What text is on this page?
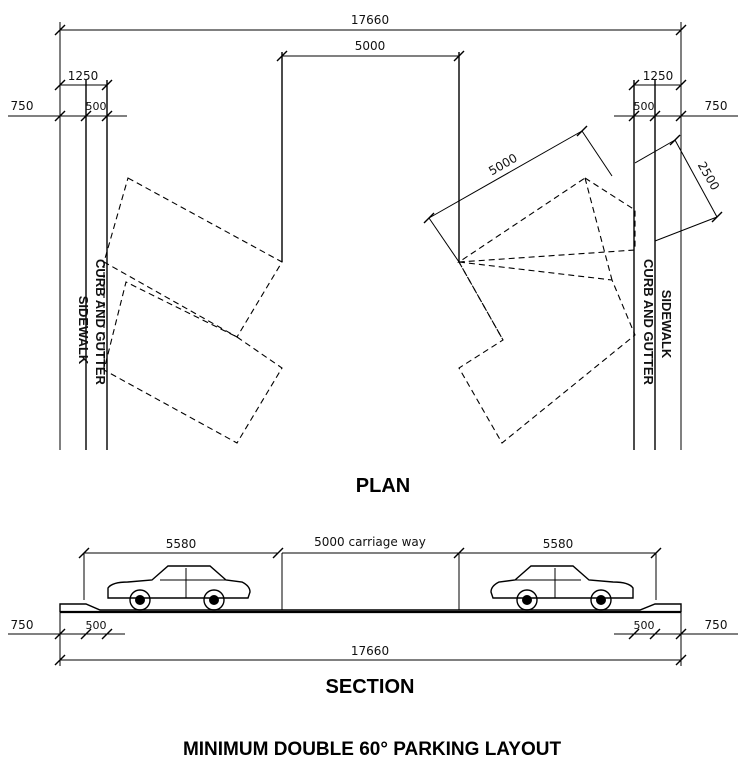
17660
5000
1250
750	500
1250
500	750
SIDEWALK CURB AND GUTTER	CURB AND GUTTER SIDEWALK
5000	2500
PLAN
5580	5000 carriage way	5580
750	500	500	750
17660
SECTION
MINIMUM DOUBLE 60° PARKING LAYOUT
